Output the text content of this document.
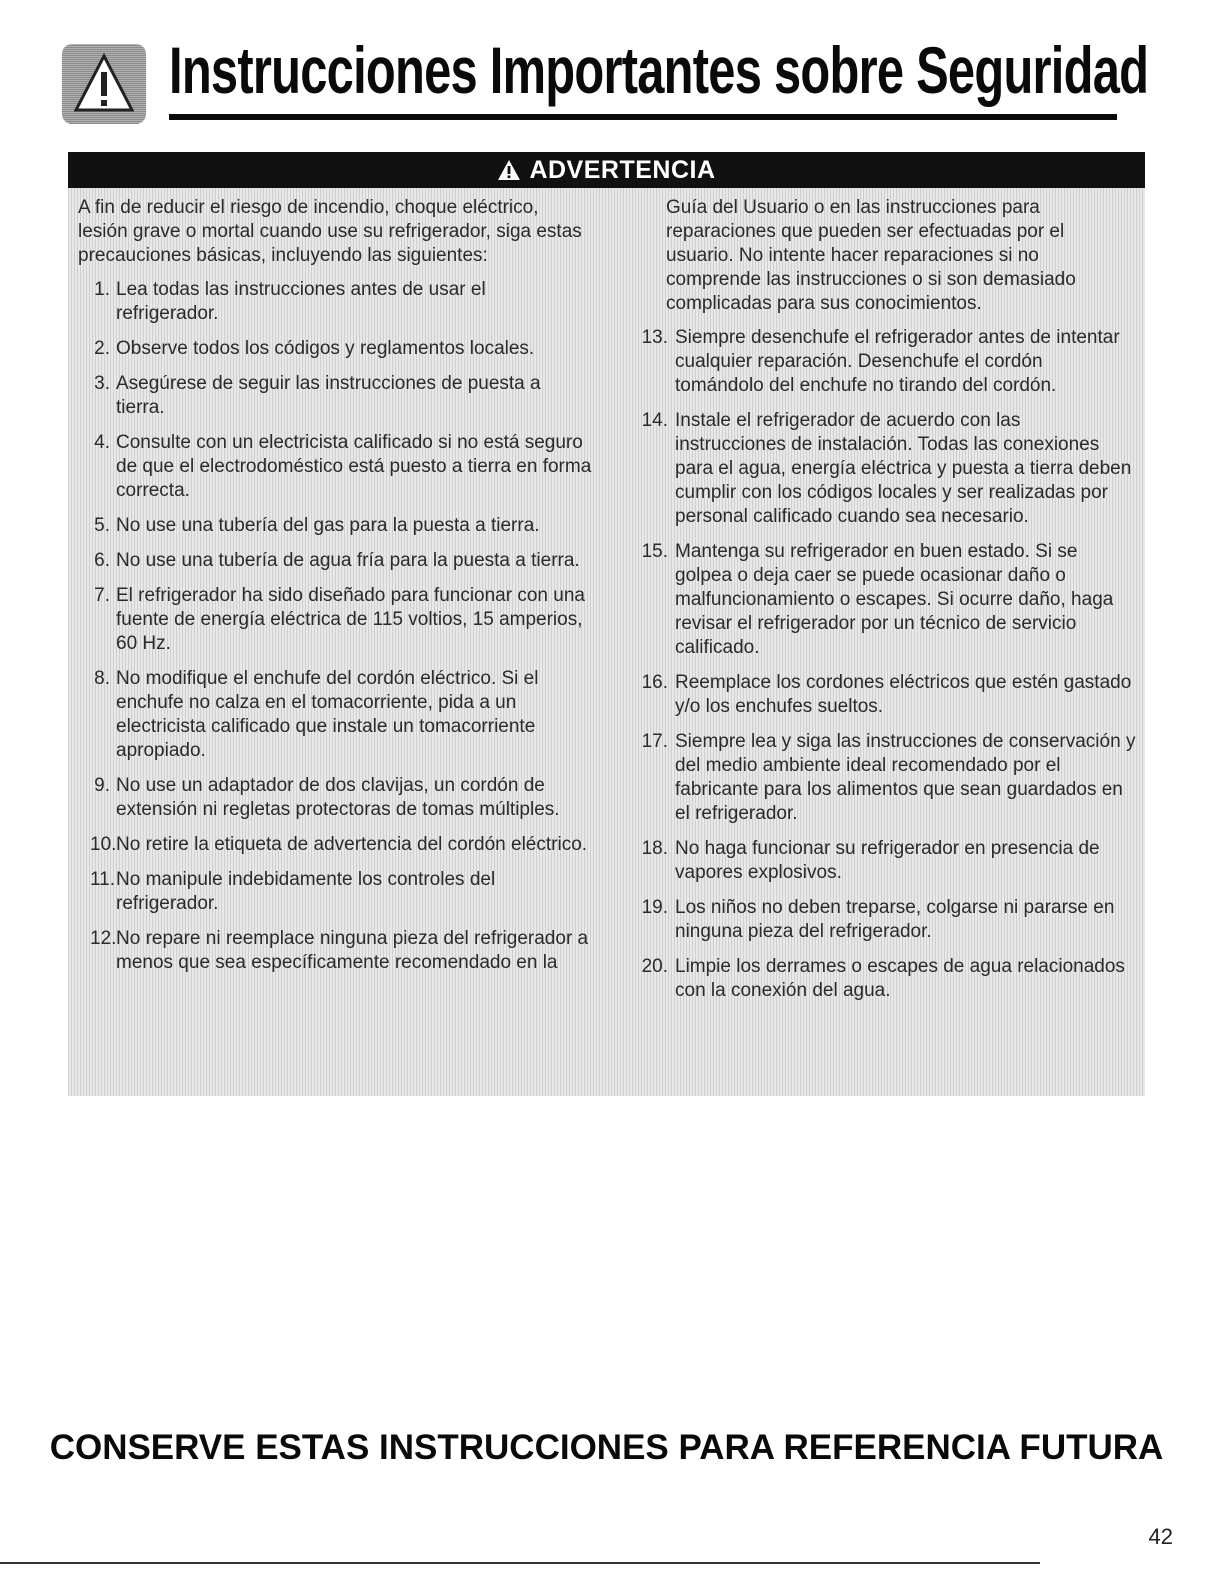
Instrucciones Importantes sobre Seguridad
ADVERTENCIA

A fin de reducir el riesgo de incendio, choque eléctrico, lesión grave o mortal cuando use su refrigerador, siga estas precauciones básicas, incluyendo las siguientes:

1. Lea todas las instrucciones antes de usar el refrigerador.
2. Observe todos los códigos y reglamentos locales.
3. Asegúrese de seguir las instrucciones de puesta a tierra.
4. Consulte con un electricista calificado si no está seguro de que el electrodoméstico está puesto a tierra en forma correcta.
5. No use una tubería del gas para la puesta a tierra.
6. No use una tubería de agua fría para la puesta a tierra.
7. El refrigerador ha sido diseñado para funcionar con una fuente de energía eléctrica de 115 voltios, 15 amperios, 60 Hz.
8. No modifique el enchufe del cordón eléctrico. Si el enchufe no calza en el tomacorriente, pida a un electricista calificado que instale un tomacorriente apropiado.
9. No use un adaptador de dos clavijas, un cordón de extensión ni regletas protectoras de tomas múltiples.
10. No retire la etiqueta de advertencia del cordón eléctrico.
11. No manipule indebidamente los controles del refrigerador.
12. No repare ni reemplace ninguna pieza del refrigerador a menos que sea específicamente recomendado en la

Guía del Usuario o en las instrucciones para reparaciones que pueden ser efectuadas por el usuario. No intente hacer reparaciones si no comprende las instrucciones o si son demasiado complicadas para sus conocimientos.

13. Siempre desenchufe el refrigerador antes de intentar cualquier reparación. Desenchufe el cordón tomándolo del enchufe no tirando del cordón.
14. Instale el refrigerador de acuerdo con las instrucciones de instalación. Todas las conexiones para el agua, energía eléctrica y puesta a tierra deben cumplir con los códigos locales y ser realizadas por personal calificado cuando sea necesario.
15. Mantenga su refrigerador en buen estado. Si se golpea o deja caer se puede ocasionar daño o malfuncionamiento o escapes. Si ocurre daño, haga revisar el refrigerador por un técnico de servicio calificado.
16. Reemplace los cordones eléctricos que estén gastado y/o los enchufes sueltos.
17. Siempre lea y siga las instrucciones de conservación y del medio ambiente ideal recomendado por el fabricante para los alimentos que sean guardados en el refrigerador.
18. No haga funcionar su refrigerador en presencia de vapores explosivos.
19. Los niños no deben treparse, colgarse ni pararse en ninguna pieza del refrigerador.
20. Limpie los derrames o escapes de agua relacionados con la conexión del agua.
CONSERVE ESTAS INSTRUCCIONES PARA REFERENCIA FUTURA
42
